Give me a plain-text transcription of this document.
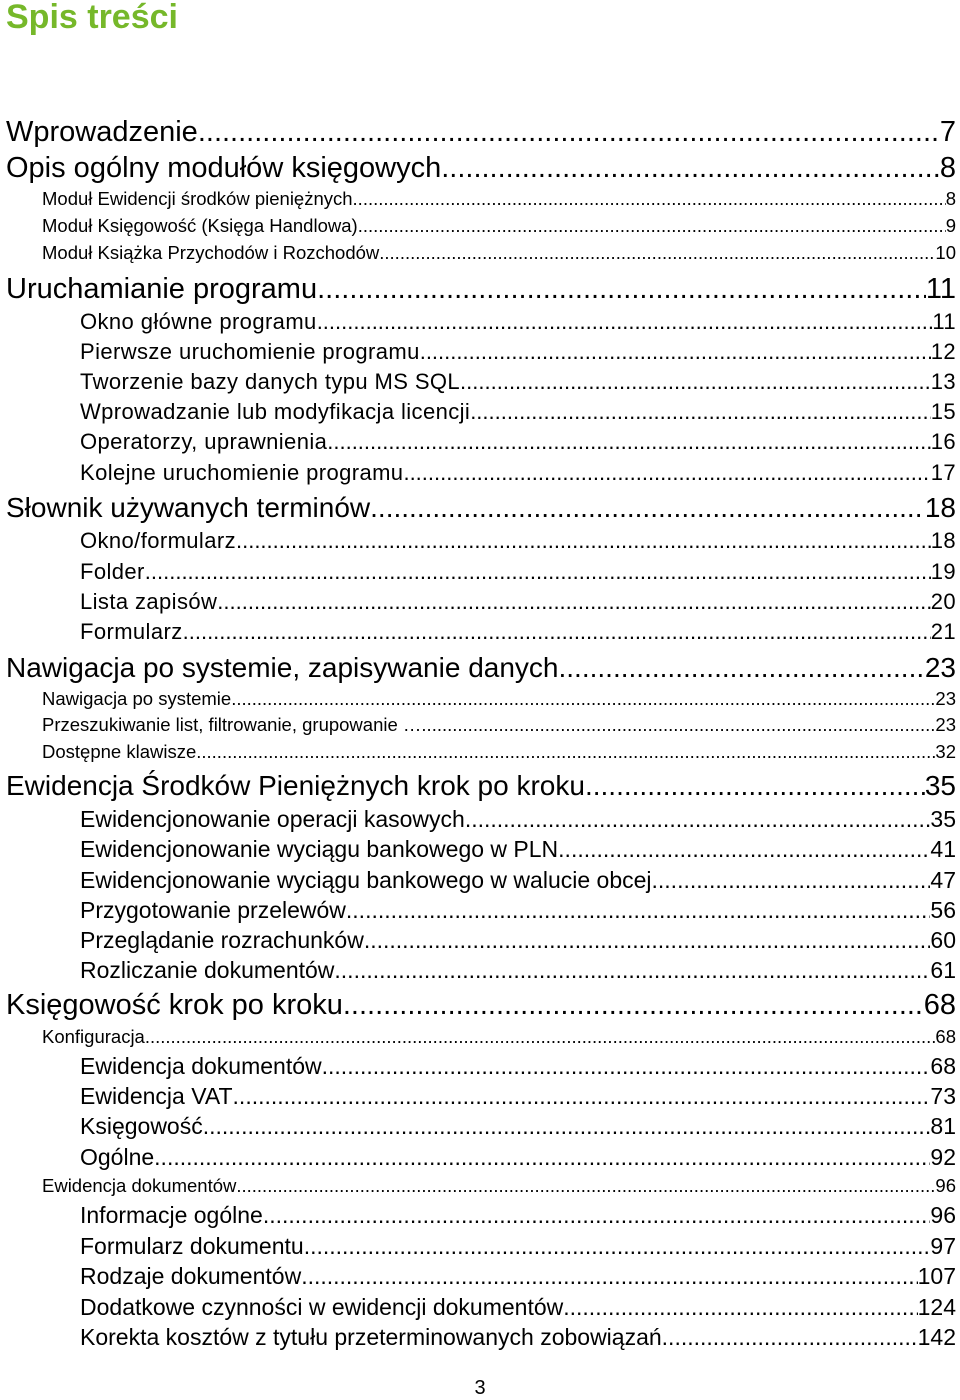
Spis treści
Wprowadzenie .....	7
Opis ogólny modułów księgowych .....	8
Moduł Ewidencji środków pieniężnych .....	8
Moduł Księgowość (Księga Handlowa) .....	9
Moduł Książka Przychodów i Rozchodów .....	10
Uruchamianie programu .....	11
Okno główne programu .....	11
Pierwsze uruchomienie programu .....	12
Tworzenie bazy danych typu MS SQL .....	13
Wprowadzanie lub modyfikacja licencji .....	15
Operatorzy, uprawnienia .....	16
Kolejne uruchomienie programu .....	17
Słownik używanych terminów .....	18
Okno/formularz .....	18
Folder .....	19
Lista zapisów .....	20
Formularz .....	21
Nawigacja po systemie, zapisywanie danych .....	23
Nawigacja po systemie .....	23
Przeszukiwanie list, filtrowanie, grupowanie … .....	23
Dostępne klawisze .....	32
Ewidencja Środków Pieniężnych krok po kroku .....	35
Ewidencjonowanie operacji kasowych .....	35
Ewidencjonowanie wyciągu bankowego w PLN .....	41
Ewidencjonowanie wyciągu bankowego w walucie obcej .....	47
Przygotowanie przelewów .....	56
Przeglądanie rozrachunków .....	60
Rozliczanie dokumentów .....	61
Księgowość krok po kroku .....	68
Konfiguracja .....	68
Ewidencja dokumentów .....	68
Ewidencja VAT .....	73
Księgowość .....	81
Ogólne .....	92
Ewidencja dokumentów .....	96
Informacje ogólne .....	96
Formularz dokumentu .....	97
Rodzaje dokumentów .....	107
Dodatkowe czynności w ewidencji dokumentów .....	124
Korekta kosztów z tytułu przeterminowanych zobowiązań .....	142
3
